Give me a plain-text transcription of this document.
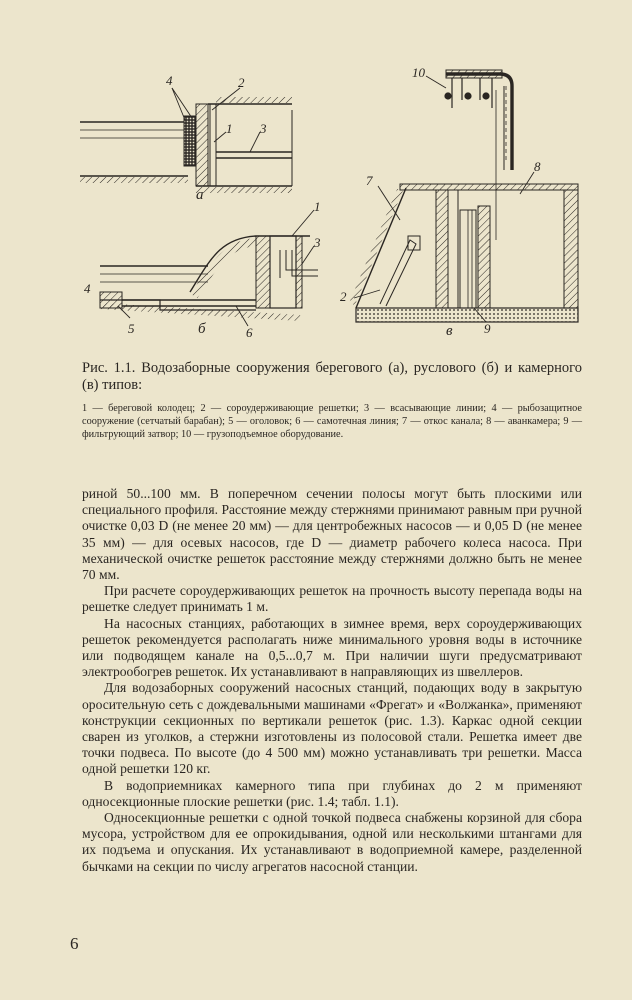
4	2
1 3
а
1
3
4
5	6
б
10
7
8
2
9
в
Рис. 1.1. Водозаборные сооружения берегового (а), руслового (б) и камерного (в) типов:
1 — береговой колодец; 2 — сороудерживающие решетки; 3 — всасывающие линии; 4 — рыбозащитное сооружение (сетчатый барабан); 5 — оголовок; 6 — самотечная линия; 7 — откос канала; 8 — аванкамера; 9 — фильтрующий затвор; 10 — грузоподъемное оборудование.

риной 50...100 мм. В поперечном сечении полосы могут быть плоскими или специального профиля. Расстояние между стержнями принимают равным при ручной очистке 0,03 D (не менее 20 мм) — для центробежных насосов — и 0,05 D (не менее 35 мм) — для осевых насосов, где D — диаметр рабочего колеса насоса. При механической очистке решеток расстояние между стержнями должно быть не менее 70 мм.

При расчете сороудерживающих решеток на прочность высоту перепада воды на решетке следует принимать 1 м.

На насосных станциях, работающих в зимнее время, верх сороудерживающих решеток рекомендуется располагать ниже минимального уровня воды в источнике или подводящем канале на 0,5...0,7 м. При наличии шуги предусматривают электрообогрев решеток. Их устанавливают в направляющих из швеллеров.

Для водозаборных сооружений насосных станций, подающих воду в закрытую оросительную сеть с дождевальными машинами «Фрегат» и «Волжанка», применяют конструкции секционных по вертикали решеток (рис. 1.3). Каркас одной секции сварен из уголков, а стержни изготовлены из полосовой стали. Решетка имеет две точки подвеса. По высоте (до 4 500 мм) можно устанавливать три решетки. Масса одной решетки 120 кг.

В водоприемниках камерного типа при глубинах до 2 м применяют односекционные плоские решетки (рис. 1.4; табл. 1.1).

Односекционные решетки с одной точкой подвеса снабжены корзиной для сбора мусора, устройством для ее опрокидывания, одной или несколькими штангами для их подъема и опускания. Их устанавливают в водоприемной камере, разделенной бычками на секции по числу агрегатов насосной станции.

6
